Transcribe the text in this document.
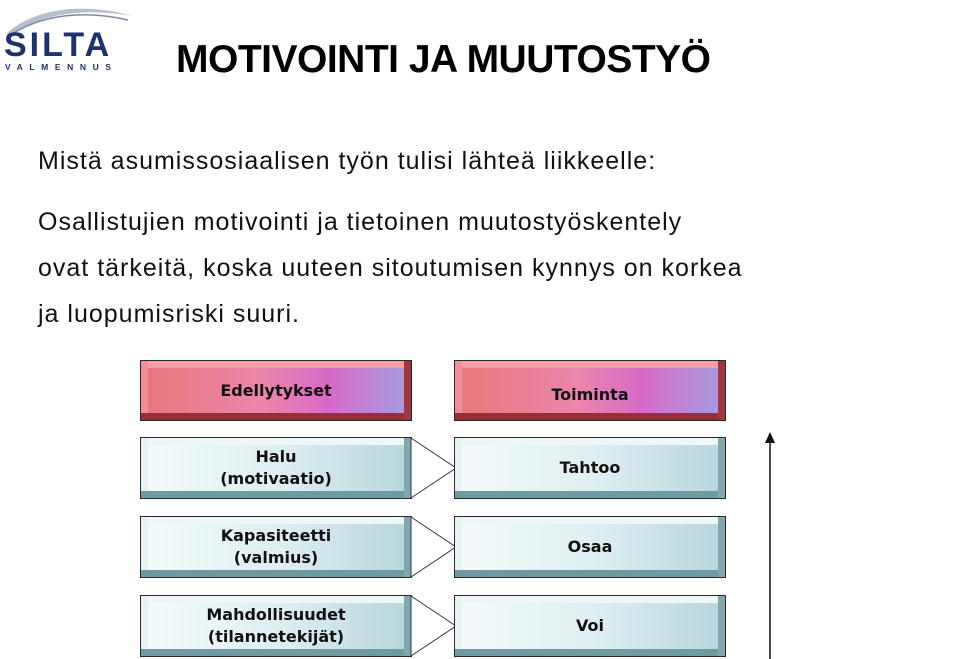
SILTA
VALMENNUS MOTIVOINTI JA MUUTOSTYÖ
Mistä asumissosiaalisen työn tulisi lähteä liikkeelle:
Osallistujien motivointi ja tietoinen muutostyöskentely
ovat tärkeitä, koska uuteen sitoutumisen kynnys on korkea
ja luopumisriski suuri.
Edellytykset	Toiminta
Halu
(motivaatio)
Tahtoo
Kapasiteetti
(valmius)
Osaa
Mahdollisuudet
(tilannetekijät)
Voi
